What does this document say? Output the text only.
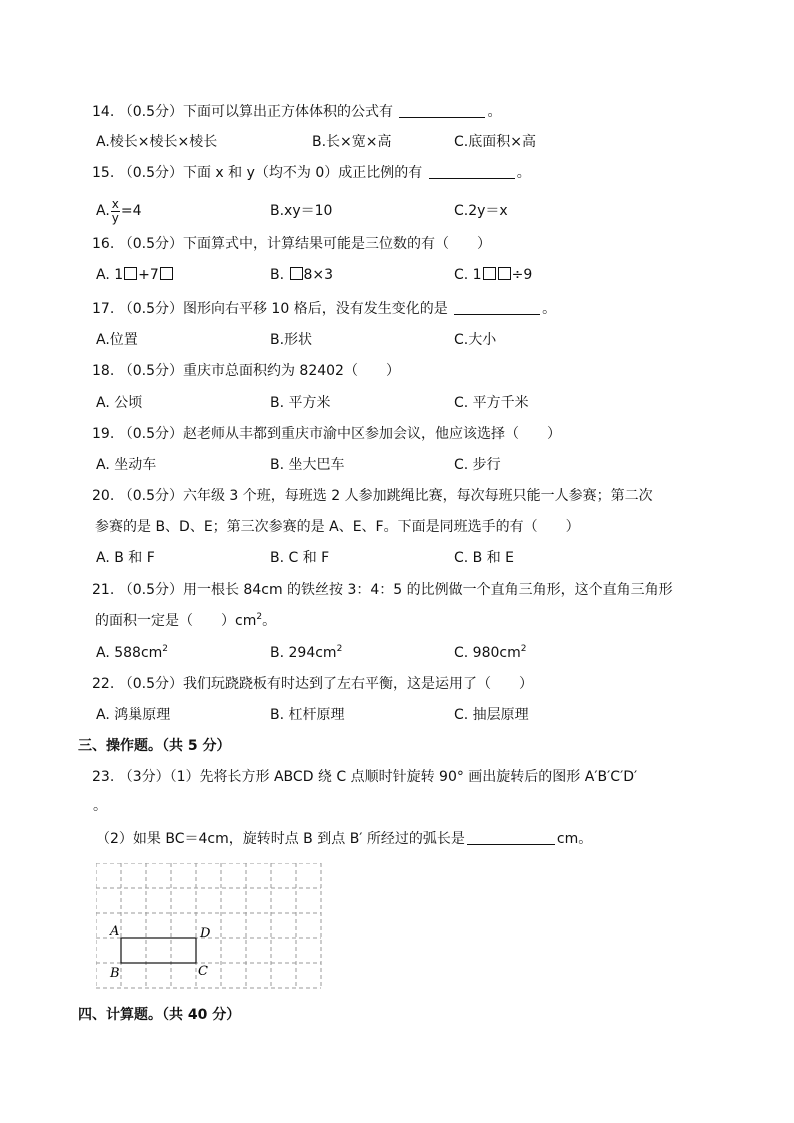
14. （0.5分）下面可以算出正方体体积的公式有	。
A.棱长×棱长×棱长	B.长×宽×高	C.底面积×高
15. （0.5分）下面 x 和 y（均不为 0）成正比例的有	。
A. $\frac{x}{y} =4$	B.xy＝10	C.2y＝x
16. （0.5分）下面算式中，计算结果可能是三位数的有（　　）
A. 1 +7	B. 8×3	C. 1 ÷9
17. （0.5分）图形向右平移 10 格后，没有发生变化的是	。
A.位置	B.形状	C.大小
18. （0.5分）重庆市总面积约为 82402（　　）
A. 公顷	B. 平方米	C. 平方千米
19. （0.5分）赵老师从丰都到重庆市渝中区参加会议，他应该选择（　　）
A. 坐动车	B. 坐大巴车	C. 步行
20. （0.5分）六年级 3 个班，每班选 2 人参加跳绳比赛，每次每班只能一人参赛；第二次
参赛的是 B、D、E；第三次参赛的是 A、E、F。下面是同班选手的有（　　）
A. B 和 F	B. C 和 F	C. B 和 E
21. （0.5分）用一根长 84cm 的铁丝按 3：4：5 的比例做一个直角三角形，这个直角三角形
的面积一定是（　　）$cm^2$。
A. $588cm^2$	B. $294cm^2$	C. $980cm^2$
22. （0.5分）我们玩跷跷板有时达到了左右平衡，这是运用了（　　）
A. 鸿巢原理	B. 杠杆原理	C. 抽层原理
三、操作题。（共 5 分）
23. （3分）（1）先将长方形 ABCD 绕 C 点顺时针旋转 90° 画出旋转后的图形 A′B′C′D′
。
（2）如果 BC＝4cm，旋转时点 B 到点 B′ 所经过的弧长是	cm。
A	D
B	C
四、计算题。（共 40 分）
